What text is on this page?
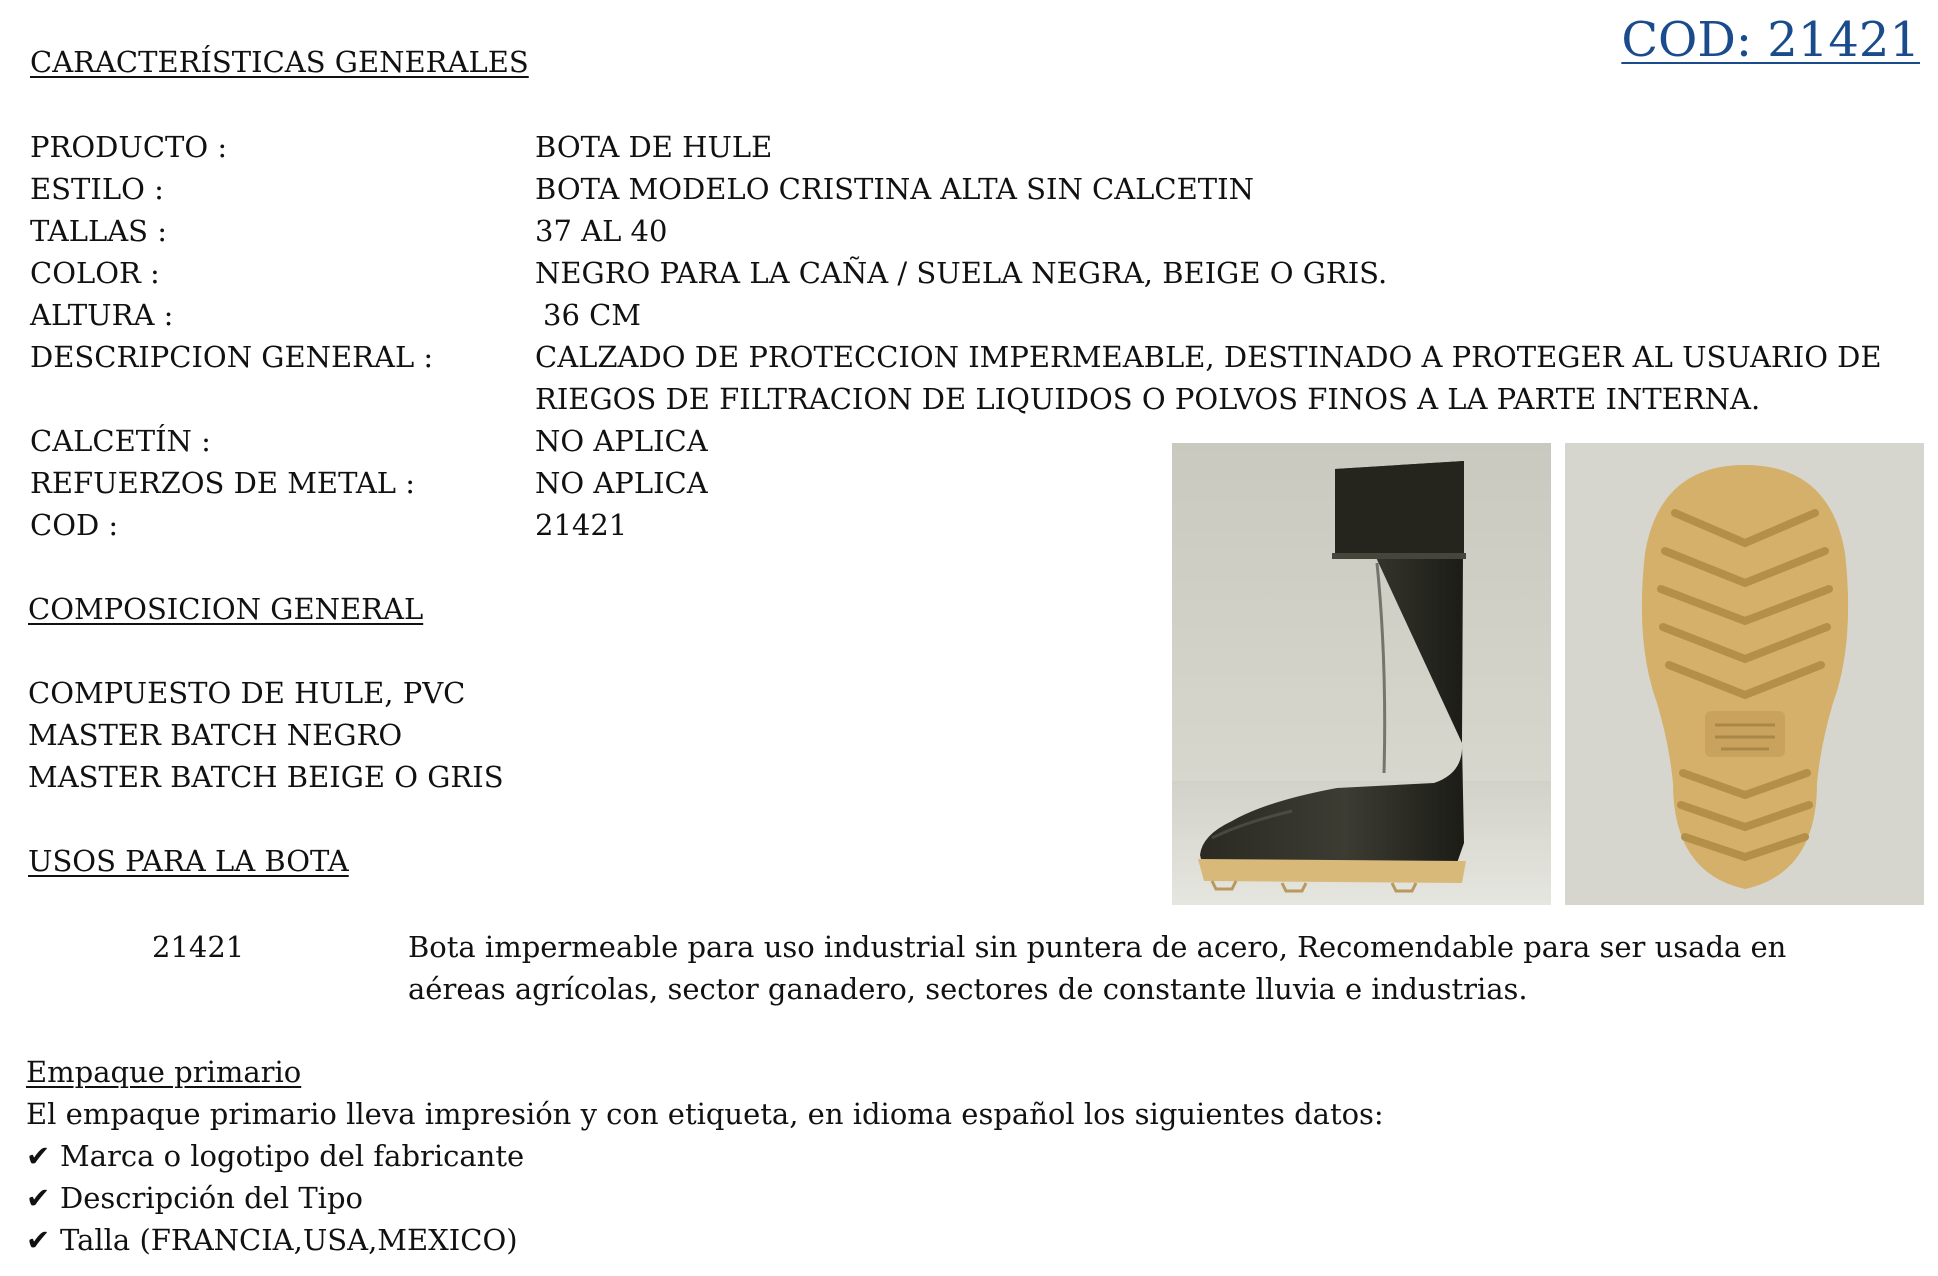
COD: 21421
CARACTERÍSTICAS GENERALES
PRODUCTO :	BOTA DE HULE
ESTILO :	BOTA MODELO CRISTINA ALTA SIN CALCETIN
TALLAS :	37 AL 40
COLOR :	NEGRO PARA LA CAÑA / SUELA NEGRA, BEIGE O GRIS.
ALTURA :	36 CM
DESCRIPCION GENERAL :	CALZADO DE PROTECCION IMPERMEABLE, DESTINADO A PROTEGER AL USUARIO DE
RIEGOS DE FILTRACION DE LIQUIDOS O POLVOS FINOS A LA PARTE INTERNA.
CALCETÍN :	NO APLICA
REFUERZOS DE METAL :	NO APLICA
COD :	21421
COMPOSICION GENERAL
COMPUESTO DE HULE, PVC
MASTER BATCH NEGRO
MASTER BATCH BEIGE O GRIS
USOS PARA LA BOTA
21421	Bota impermeable para uso industrial sin puntera de acero, Recomendable para ser usada en
aéreas agrícolas, sector ganadero, sectores de constante lluvia e industrias.
Empaque primario
El empaque primario lleva impresión y con etiqueta, en idioma español los siguientes datos:
✔ Marca o logotipo del fabricante
✔ Descripción del Tipo
✔ Talla (FRANCIA,USA,MEXICO)
